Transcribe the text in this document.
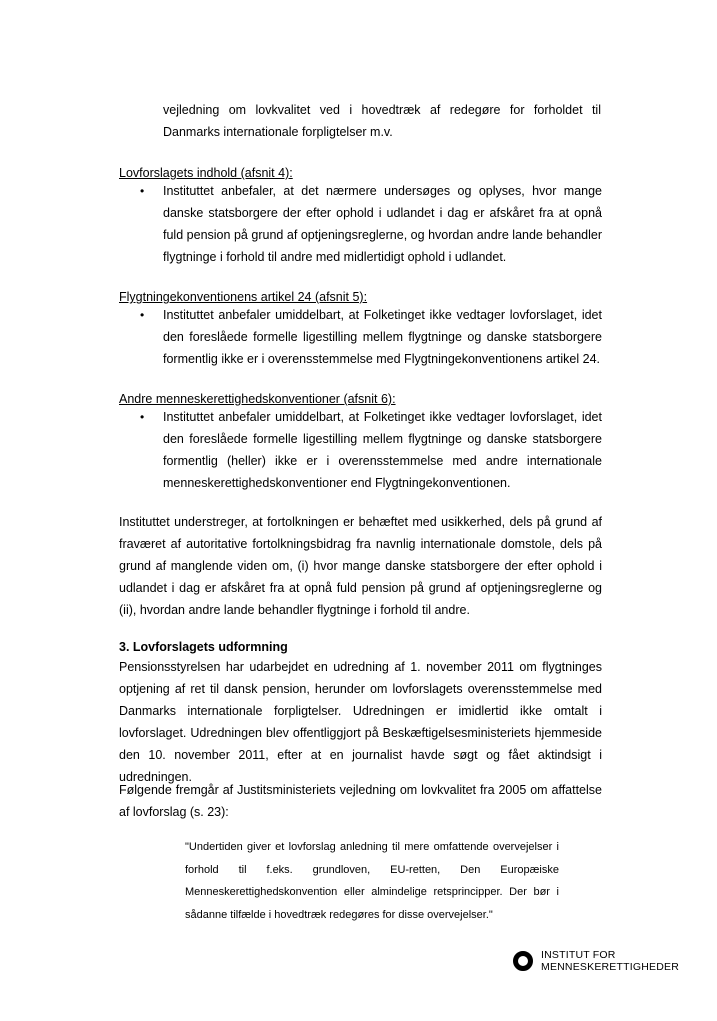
vejledning om lovkvalitet ved i hovedtræk af redegøre for forholdet til Danmarks internationale forpligtelser m.v.

Lovforslagets indhold (afsnit 4):

•	Instituttet anbefaler, at det nærmere undersøges og oplyses, hvor mange danske statsborgere der efter ophold i udlandet i dag er afskåret fra at opnå fuld pension på grund af optjeningsreglerne, og hvordan andre lande behandler flygtninge i forhold til andre med midlertidigt ophold i udlandet.

Flygtningekonventionens artikel 24 (afsnit 5):

•	Instituttet anbefaler umiddelbart, at Folketinget ikke vedtager lovforslaget, idet den foreslåede formelle ligestilling mellem flygtninge og danske statsborgere formentlig ikke er i overensstemmelse med Flygtningekonventionens artikel 24.

Andre menneskerettighedskonventioner (afsnit 6):

•	Instituttet anbefaler umiddelbart, at Folketinget ikke vedtager lovforslaget, idet den foreslåede formelle ligestilling mellem flygtninge og danske statsborgere formentlig (heller) ikke er i overensstemmelse med andre internationale menneskerettighedskonventioner end Flygtningekonventionen.

Instituttet understreger, at fortolkningen er behæftet med usikkerhed, dels på grund af fraværet af autoritative fortolkningsbidrag fra navnlig internationale domstole, dels på grund af manglende viden om, (i) hvor mange danske statsborgere der efter ophold i udlandet i dag er afskåret fra at opnå fuld pension på grund af optjeningsreglerne og (ii), hvordan andre lande behandler flygtninge i forhold til andre.

3. Lovforslagets udformning

Pensionsstyrelsen har udarbejdet en udredning af 1. november 2011 om flygtninges optjening af ret til dansk pension, herunder om lovforslagets overensstemmelse med Danmarks internationale forpligtelser. Udredningen er imidlertid ikke omtalt i lovforslaget. Udredningen blev offentliggjort på Beskæftigelsesministeriets hjemmeside den 10. november 2011, efter at en journalist havde søgt og fået aktindsigt i udredningen.

Følgende fremgår af Justitsministeriets vejledning om lovkvalitet fra 2005 om affattelse af lovforslag (s. 23):

"Undertiden giver et lovforslag anledning til mere omfattende overvejelser i forhold til f.eks. grundloven, EU-retten, Den Europæiske Menneskerettighedskonvention eller almindelige retsprincipper. Der bør i sådanne tilfælde i hovedtræk redegøres for disse overvejelser."

INSTITUT FOR
MENNESKERETTIGHEDER
